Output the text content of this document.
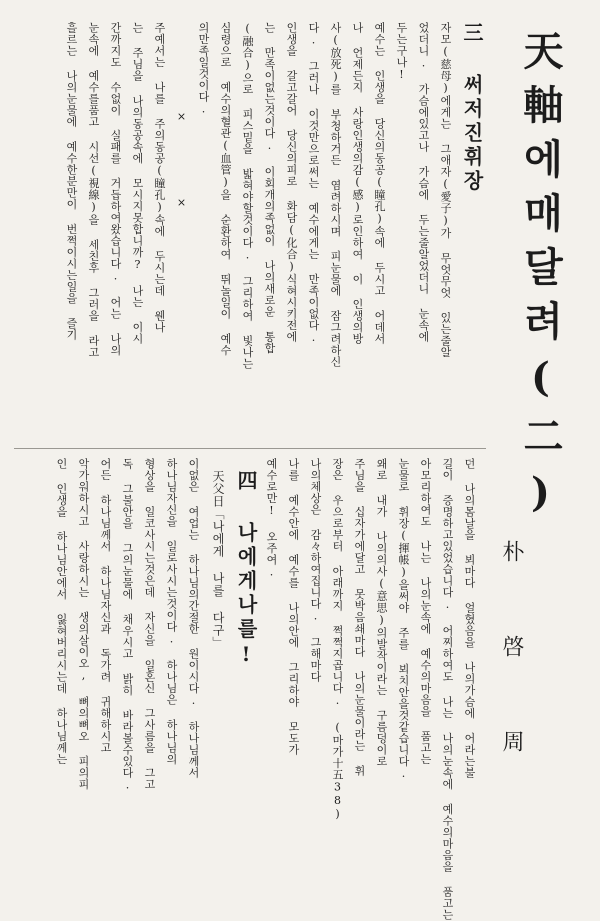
天軸에매달려(二)
朴 啓 周
三 써저진휘장
자모(慈母)에게는 그애자(愛子)가 무엇무엇 있는줄알
었더니. 가슴에있고나 가슴에 두는줄알었더니 눈속에
두는구나!
예수는 인생을 당신의동공(瞳孔)속에 두시고 어데서
나 언제든지 사랑인생의감(感)로인하여 이 인생의방
사(放死)를 부청하거든 염려하시며 피눈물에 잠그려하신
다. 그러나 이것만으로써는 예수에게는 만족이없다.
인생을 갈고갈어 당신의피로 화담(化合)식혀시키전에
는 만족이없는것이다. 이회개의족없이 나의새로운 통합
(融合)으로 피스밑을 밟혀야할것이다. 그리하여 빛나는
심령으로 예수의혈관(血管)을 순환하여 뛰놀일이 예수
의만족일것이다.
× ×
주예서는 나를 주의동공(瞳孔)속에 두시는데 웬나
는 주님을 나의동공속에 모시지못합니까? 나는 이시
간까지도 수없이 실패를 거듭하여왔습니다. 어는 나의
눈속에 예수를품고 시선(視線)을 세친후 그러을 라고
흘르는 나의눈물에 예수한분만이 번쩍이시는일을 즐기
던 나의몸날을 뵈마다 얼혔음을 나의가슴에 어라는불
길이 증명하고있었습니다. 어찌하여도 나는 나의눈속에 예수의마음을 품고는
아모리하여도 나는 나의눈속에 예수의마음을 품고는
눈물로 휘장(揮帳)을써야 주를 뵈치안을것같습니다.
왜로 내가 나의의사(意思)의발작이라는 구름덩이로
주님을 십자가에달고 못박음쇄마다 나의눈물이라는 휘
장은 우으로부터 아래까지 쩍쩍지곱니다. (마가十五38)
나의체상은 감々하여집니다. 그해마다
나를 예수안에 예수를 나의안에 그리하야 모도가
예수로만! 오주여.
四 나에게나를!
天父日「나에게 나를 다구」
이없은 여업는 하나님의간절한 원이시다. 하나님께서
하나님자신을 일로사시는것이다. 하나님은 하나님의
형상을 일코사시는것은데 자신을 일혼신 그사름을 그고
독 그불안을 그의눈물에 채우시고 밝히 바라볼수있다.
어든 하나님께서 하나님자신과 독가려 귀해하시고
악가워하시고 사랑하시는 생의살이오, 뼈의뼈오 피의피
인 인생을 하나님안에서 잃혀버리시는데 하나님께는
